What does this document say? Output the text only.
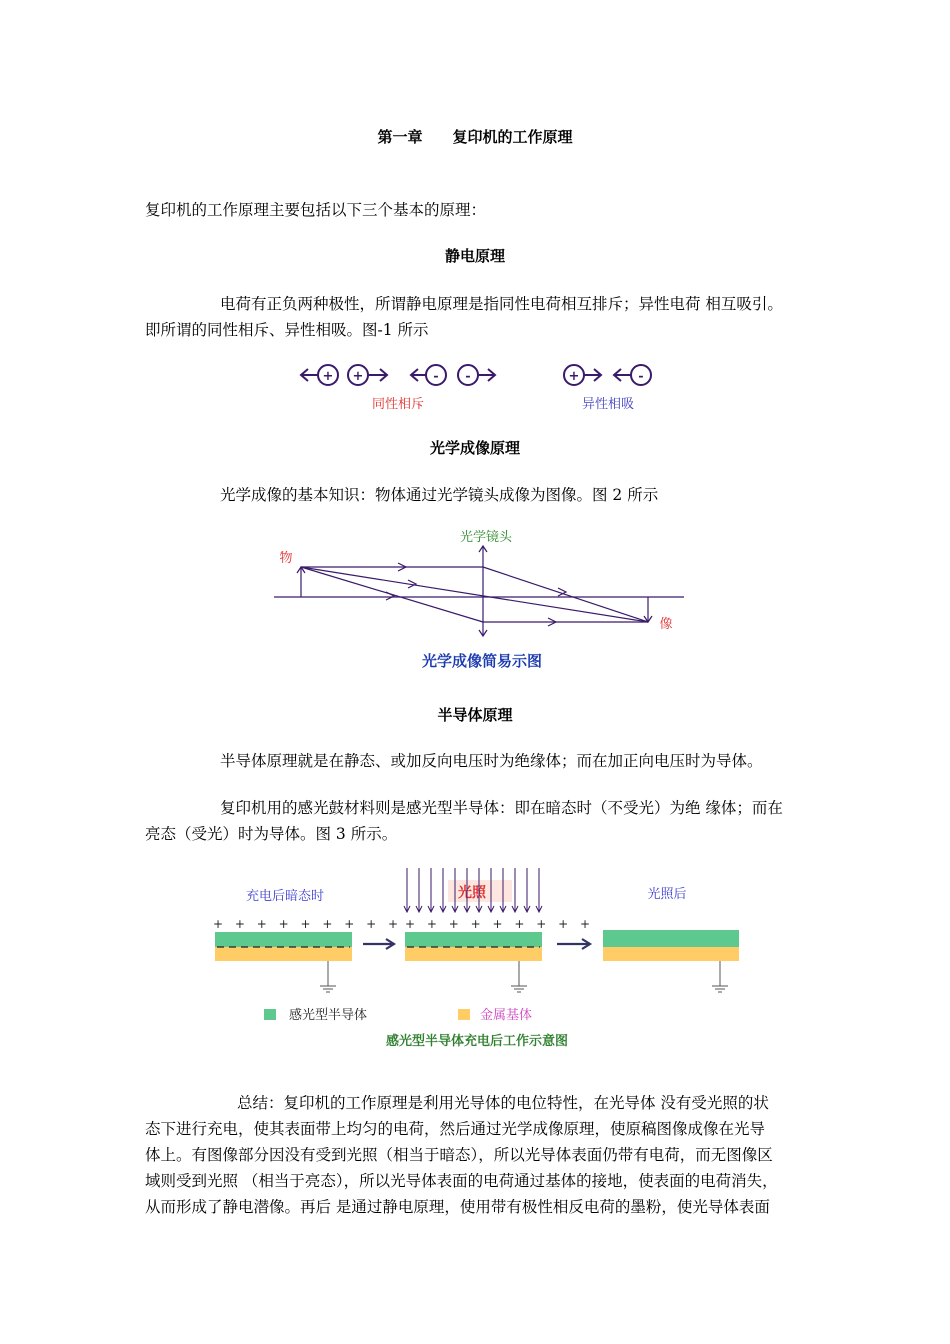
第一章　　复印机的工作原理
复印机的工作原理主要包括以下三个基本的原理：
静电原理
电荷有正负两种极性，所谓静电原理是指同性电荷相互排斥；异性电荷 相互吸引。
即所谓的同性相斥、异性相吸。图-1 所示
+ +	- -	+	-
同性相斥	异性相吸
光学成像原理
光学成像的基本知识：物体通过光学镜头成像为图像。图 2 所示
光学镜头
物
像
光学成像简易示图
半导体原理
半导体原理就是在静态、或加反向电压时为绝缘体；而在加正向电压时为导体。
复印机用的感光鼓材料则是感光型半导体：即在暗态时（不受光）为绝 缘体；而在
亮态（受光）时为导体。图 3 所示。
充电后暗态时	光照	光照后
+ + + + + + + + + + + + + + + + + +
感光型半导体	金属基体
感光型半导体充电后工作示意图
总结：复印机的工作原理是利用光导体的电位特性，在光导体 没有受光照的状
态下进行充电，使其表面带上均匀的电荷，然后通过光学成像原理，使原稿图像成像在光导
体上。有图像部分因没有受到光照（相当于暗态），所以光导体表面仍带有电荷，而无图像区
域则受到光照 （相当于亮态），所以光导体表面的电荷通过基体的接地，使表面的电荷消失，
从而形成了静电潜像。再后 是通过静电原理，使用带有极性相反电荷的墨粉，使光导体表面
